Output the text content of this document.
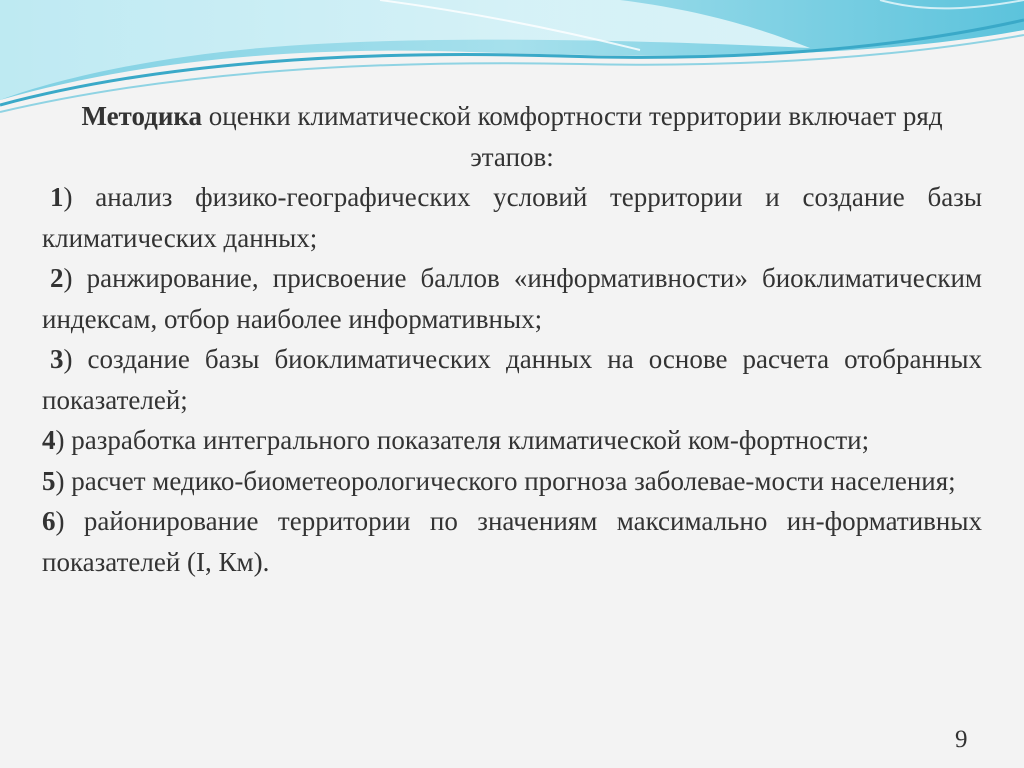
Методика оценки климатической комфортности территории включает ряд этапов:

1) анализ физико-географических условий территории и создание базы климатических данных;

2) ранжирование, присвоение баллов «информативности» биоклиматическим индексам, отбор наиболее информативных;

3) создание базы биоклиматических данных на основе расчета отобранных показателей;

4) разработка интегрального показателя климатической ком-фортности;

5) расчет медико-биометеорологического прогноза заболевае-мости населения;

6) районирование территории по значениям максимально ин-формативных показателей (I, Км).

9
